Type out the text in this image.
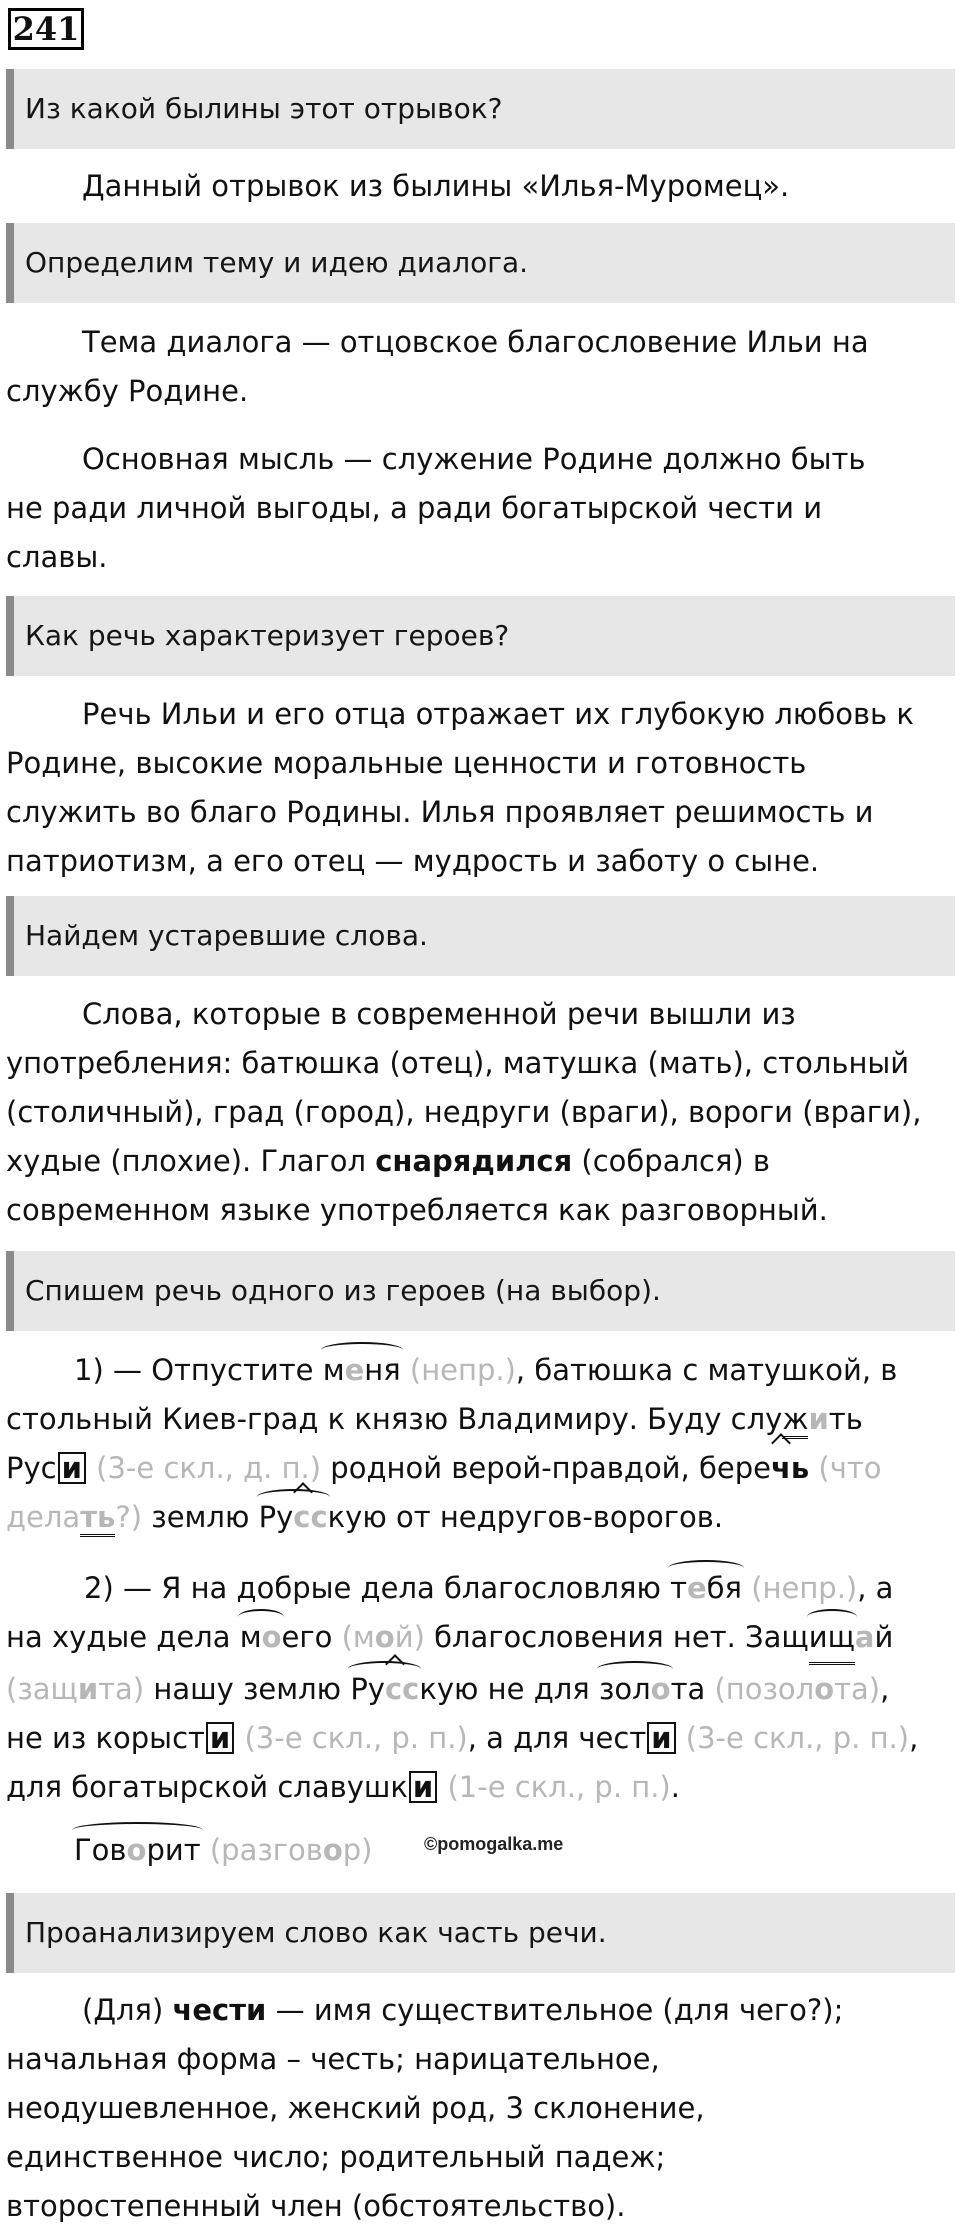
241
Из какой былины этот отрывок?
Данный отрывок из былины «Илья-Муромец».
Определим тему и идею диалога.
Тема диалога — отцовское благословение Ильи на
службу Родине.
Основная мысль — служение Родине должно быть
не ради личной выгоды, а ради богатырской чести и
славы.
Как речь характеризует героев?
Речь Ильи и его отца отражает их глубокую любовь к
Родине, высокие моральные ценности и готовность
служить во благо Родины. Илья проявляет решимость и
патриотизм, а его отец — мудрость и заботу о сыне.
Найдем устаревшие слова.
Слова, которые в современной речи вышли из
употребления: батюшка (отец), матушка (мать), стольный
(столичный), град (город), недруги (враги), вороги (враги),
худые (плохие). Глагол снарядился (собрался) в
современном языке употребляется как разговорный.
Спишем речь одного из героев (на выбор).
1) — Отпустите меня (непр.), батюшка с матушкой, в
стольный Киев-град к князю Владимиру. Буду служить
Рус и (3-е скл., д. п.) родной верой-правдой, беречь (что
делать?) землю Русскую от недругов-ворогов.
2) — Я на добрые дела благословляю тебя (непр.), а
на худые дела моего (мой) благословения нет. Защищай
(защита) нашу землю Русскую не для золота (позолота),
не из корыст и (3-е скл., р. п.), а для чест и (3-е скл., р. п.),
для богатырской славушк и (1-е скл., р. п.).
Говорит (разговор)	©pomogalka.me
Проанализируем слово как часть речи.
(Для) чести — имя существительное (для чего?);
начальная форма – честь; нарицательное,
неодушевленное, женский род, 3 склонение,
единственное число; родительный падеж;
второстепенный член (обстоятельство).
